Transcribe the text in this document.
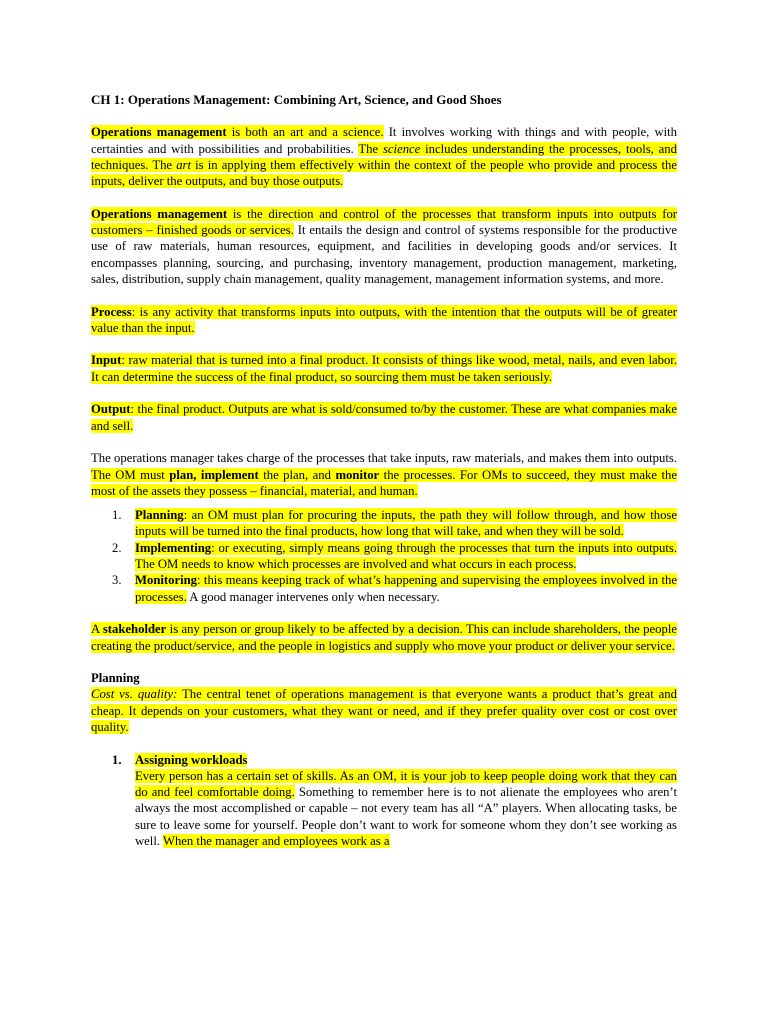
CH 1: Operations Management: Combining Art, Science, and Good Shoes

Operations management is both an art and a science. It involves working with things and with people, with certainties and with possibilities and probabilities. The science includes understanding the processes, tools, and techniques. The art is in applying them effectively within the context of the people who provide and process the inputs, deliver the outputs, and buy those outputs.

Operations management is the direction and control of the processes that transform inputs into outputs for customers – finished goods or services. It entails the design and control of systems responsible for the productive use of raw materials, human resources, equipment, and facilities in developing goods and/or services. It encompasses planning, sourcing, and purchasing, inventory management, production management, marketing, sales, distribution, supply chain management, quality management, management information systems, and more.

Process: is any activity that transforms inputs into outputs, with the intention that the outputs will be of greater value than the input.

Input: raw material that is turned into a final product. It consists of things like wood, metal, nails, and even labor. It can determine the success of the final product, so sourcing them must be taken seriously.

Output: the final product. Outputs are what is sold/consumed to/by the customer. These are what companies make and sell.

The operations manager takes charge of the processes that take inputs, raw materials, and makes them into outputs. The OM must plan, implement the plan, and monitor the processes. For OMs to succeed, they must make the most of the assets they possess – financial, material, and human.

1. Planning: an OM must plan for procuring the inputs, the path they will follow through, and how those inputs will be turned into the final products, how long that will take, and when they will be sold.
2. Implementing: or executing, simply means going through the processes that turn the inputs into outputs. The OM needs to know which processes are involved and what occurs in each process.
3. Monitoring: this means keeping track of what’s happening and supervising the employees involved in the processes. A good manager intervenes only when necessary.

A stakeholder is any person or group likely to be affected by a decision. This can include shareholders, the people creating the product/service, and the people in logistics and supply who move your product or deliver your service.

Planning

Cost vs. quality: The central tenet of operations management is that everyone wants a product that’s great and cheap. It depends on your customers, what they want or need, and if they prefer quality over cost or cost over quality.

1. Assigning workloads

Every person has a certain set of skills. As an OM, it is your job to keep people doing work that they can do and feel comfortable doing. Something to remember here is to not alienate the employees who aren’t always the most accomplished or capable – not every team has all “A” players. When allocating tasks, be sure to leave some for yourself. People don’t want to work for someone whom they don’t see working as well. When the manager and employees work as a
